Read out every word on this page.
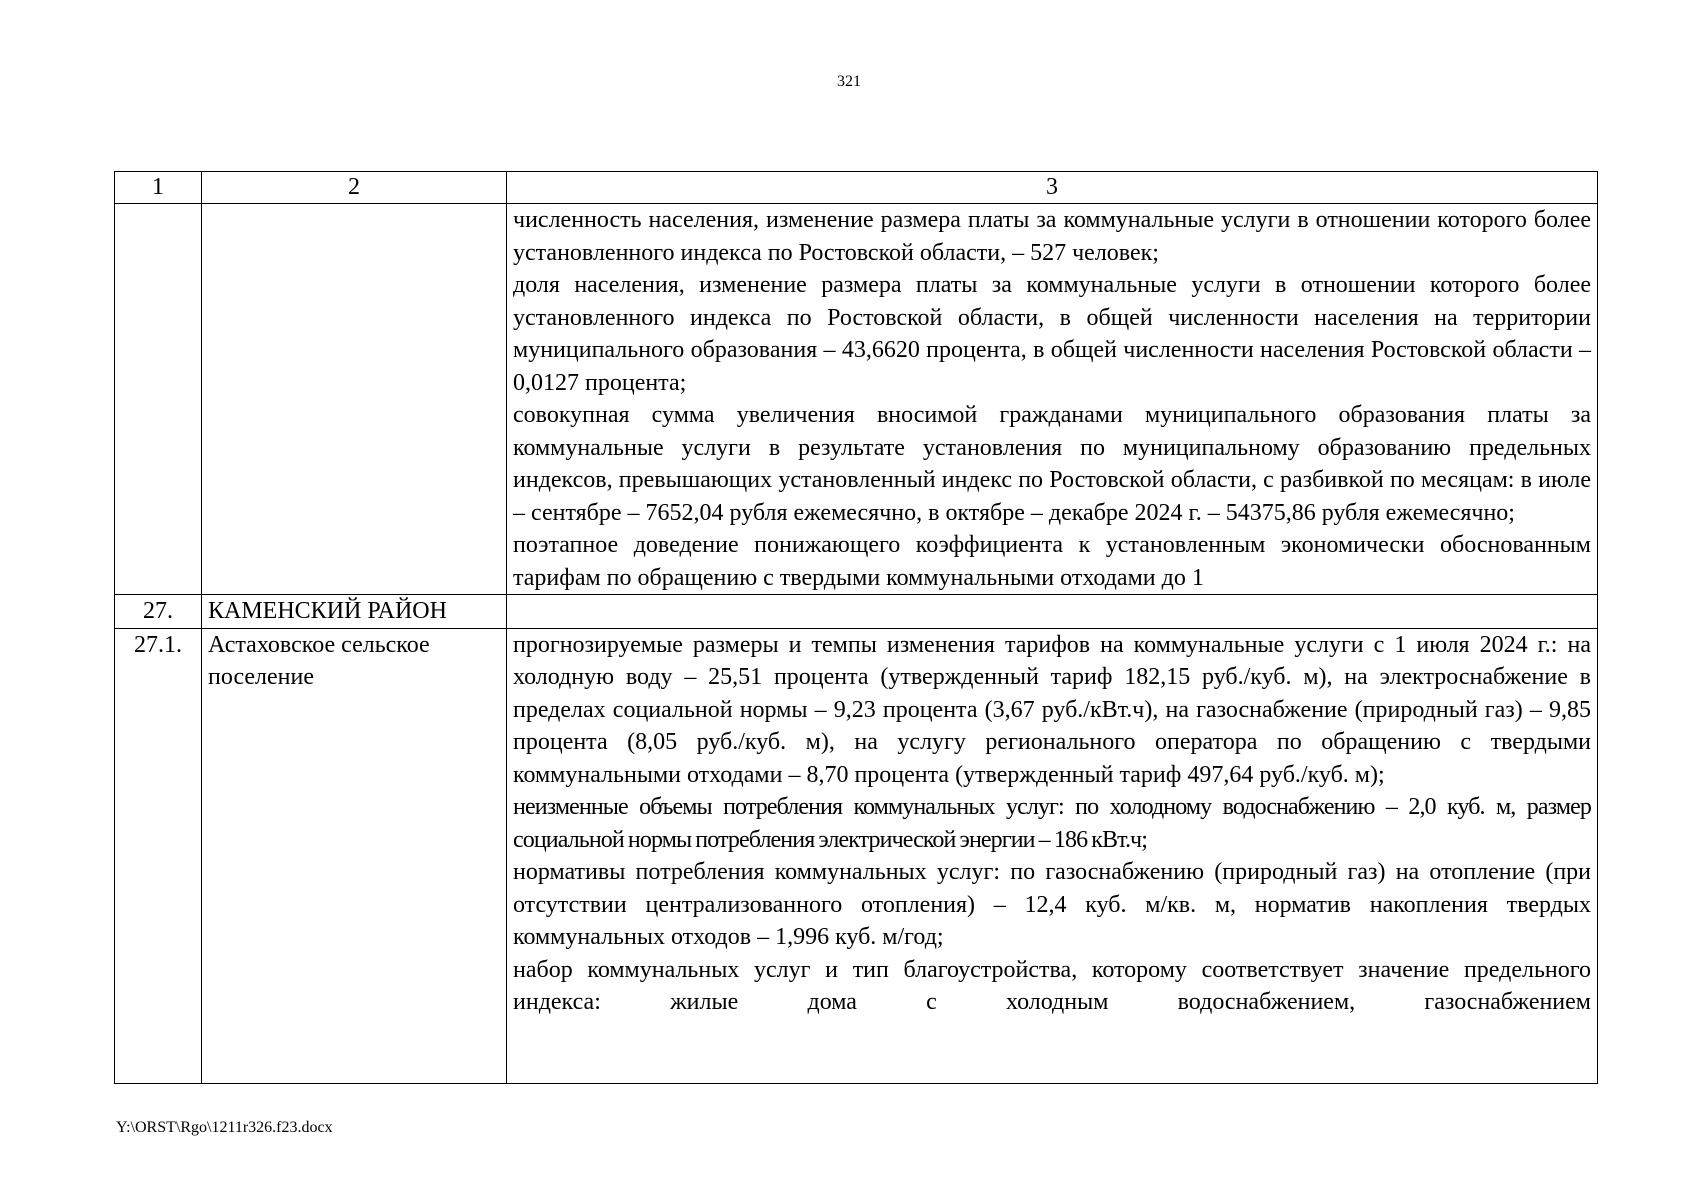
321
1	2	3

		численность населения, изменение размера платы за коммунальные услуги в отношении которого более установленного индекса по Ростовской области, – 527 человек;
доля населения, изменение размера платы за коммунальные услуги в отношении которого более установленного индекса по Ростовской области, в общей численности населения на территории муниципального образования – 43,6620 процента, в общей численности населения Ростовской области – 0,0127 процента;
совокупная сумма увеличения вносимой гражданами муниципального образования платы за коммунальные услуги в результате установления по муниципальному образованию предельных индексов, превышающих установленный индекс по Ростовской области, с разбивкой по месяцам: в июле – сентябре – 7652,04 рубля ежемесячно, в октябре – декабре 2024 г. – 54375,86 рубля ежемесячно;
поэтапное доведение понижающего коэффициента к установленным экономически обоснованным тарифам по обращению с твердыми коммунальными отходами до 1

27.	КАМЕНСКИЙ РАЙОН	
27.1.	Астаховское сельское поселение	прогнозируемые размеры и темпы изменения тарифов на коммунальные услуги с 1 июля 2024 г.: на холодную воду – 25,51 процента (утвержденный тариф 182,15 руб./куб. м), на электроснабжение в пределах социальной нормы – 9,23 процента (3,67 руб./кВт.ч), на газоснабжение (природный газ) – 9,85 процента (8,05 руб./куб. м), на услугу регионального оператора по обращению с твердыми коммунальными отходами – 8,70 процента (утвержденный тариф 497,64 руб./куб. м);
неизменные объемы потребления коммунальных услуг: по холодному водоснабжению – 2,0 куб. м, размер социальной нормы потребления электрической энергии – 186 кВт.ч;
нормативы потребления коммунальных услуг: по газоснабжению (природный газ) на отопление (при отсутствии централизованного отопления) – 12,4 куб. м/кв. м, норматив накопления твердых коммунальных отходов – 1,996 куб. м/год;
набор коммунальных услуг и тип благоустройства, которому соответствует значение предельного индекса: жилые дома с холодным водоснабжением, газоснабжением
Y:\ORST\Rgo\1211r326.f23.docx
